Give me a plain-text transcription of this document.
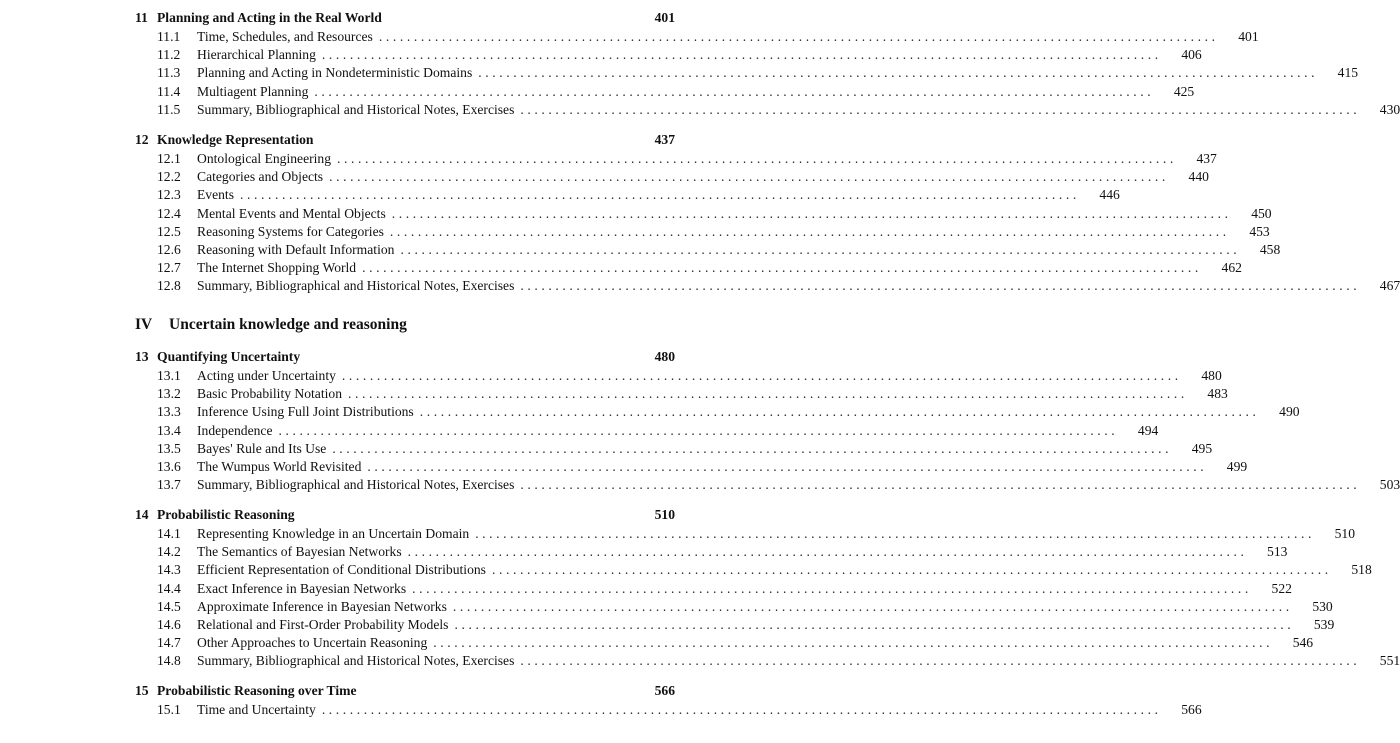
11 Planning and Acting in the Real World	401
11.1	Time, Schedules, and Resources ........................................................................................................................	401
11.2	Hierarchical Planning ........................................................................................................................	406
11.3	Planning and Acting in Nondeterministic Domains ........................................................................................................................	415
11.4	Multiagent Planning ........................................................................................................................	425
11.5	Summary, Bibliographical and Historical Notes, Exercises ........................................................................................................................	430
12 Knowledge Representation	437
12.1	Ontological Engineering ........................................................................................................................	437
12.2	Categories and Objects ........................................................................................................................	440
12.3	Events ........................................................................................................................	446
12.4	Mental Events and Mental Objects ........................................................................................................................	450
12.5	Reasoning Systems for Categories ........................................................................................................................	453
12.6	Reasoning with Default Information ........................................................................................................................	458
12.7	The Internet Shopping World ........................................................................................................................	462
12.8	Summary, Bibliographical and Historical Notes, Exercises ........................................................................................................................	467
IV	Uncertain knowledge and reasoning
13 Quantifying Uncertainty	480
13.1	Acting under Uncertainty ........................................................................................................................	480
13.2	Basic Probability Notation ........................................................................................................................	483
13.3	Inference Using Full Joint Distributions ........................................................................................................................	490
13.4	Independence ........................................................................................................................	494
13.5	Bayes' Rule and Its Use ........................................................................................................................	495
13.6	The Wumpus World Revisited ........................................................................................................................	499
13.7	Summary, Bibliographical and Historical Notes, Exercises ........................................................................................................................	503
14 Probabilistic Reasoning	510
14.1	Representing Knowledge in an Uncertain Domain ........................................................................................................................	510
14.2	The Semantics of Bayesian Networks ........................................................................................................................	513
14.3	Efficient Representation of Conditional Distributions ........................................................................................................................	518
14.4	Exact Inference in Bayesian Networks ........................................................................................................................	522
14.5	Approximate Inference in Bayesian Networks ........................................................................................................................	530
14.6	Relational and First-Order Probability Models ........................................................................................................................	539
14.7	Other Approaches to Uncertain Reasoning ........................................................................................................................	546
14.8	Summary, Bibliographical and Historical Notes, Exercises ........................................................................................................................	551
15 Probabilistic Reasoning over Time	566
15.1	Time and Uncertainty ........................................................................................................................	566
